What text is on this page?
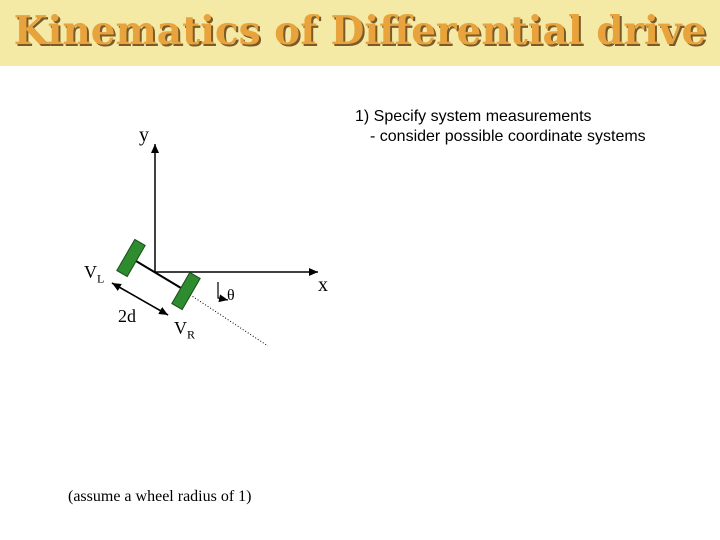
Kinematics of Differential drive
1) Specify system measurements
- consider possible coordinate systems
y
x
$V_L$
$V_R$
2d
θ
(assume a wheel radius of 1)
